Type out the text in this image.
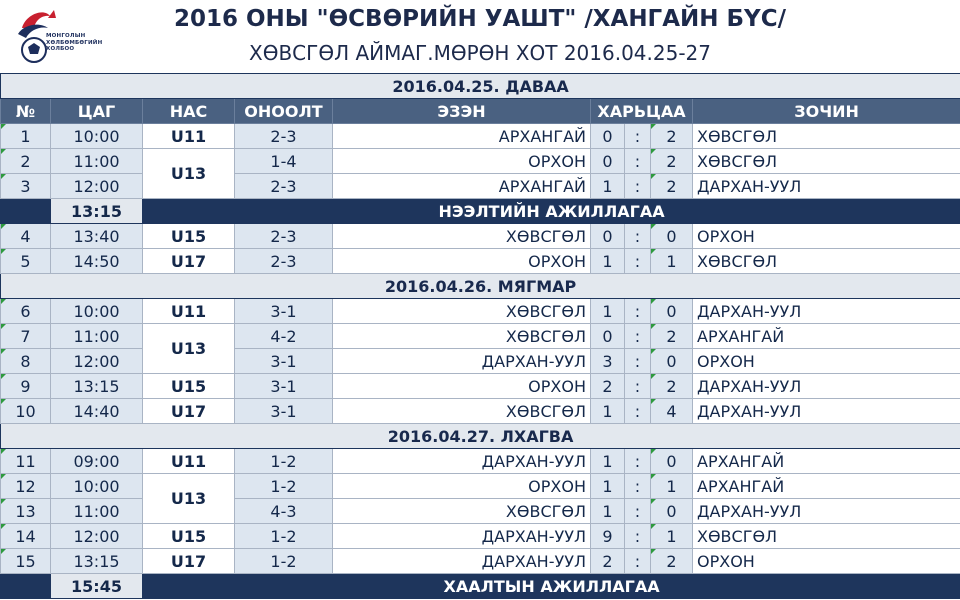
МОНГОЛЫН ХӨЛБӨМБӨГИЙН ХОЛБОО
2016 ОНЫ "ӨСВӨРИЙН УАШТ" /ХАНГАЙН БҮС/
ХӨВСГӨЛ АЙМАГ.МӨРӨН ХОТ 2016.04.25-27
2016.04.25. ДАВАА								
№	ЦАГ	НАС	ОНООЛТ	ЭЗЭН	ХАРЬЦАА			ЗОЧИН
1	10:00	U11	2-3	АРХАНГАЙ	0	:	2	ХӨВСГӨЛ
2	11:00	U13	1-4	ОРХОН	0	:	2	ХӨВСГӨЛ
3	12:00		2-3	АРХАНГАЙ	1	:	2	ДАРХАН-УУЛ
	13:15	НЭЭЛТИЙН АЖИЛЛАГАА						
4	13:40	U15	2-3	ХӨВСГӨЛ	0	:	0	ОРХОН
5	14:50	U17	2-3	ОРХОН	1	:	1	ХӨВСГӨЛ
2016.04.26. МЯГМАР								
6	10:00	U11	3-1	ХӨВСГӨЛ	1	:	0	ДАРХАН-УУЛ
7	11:00	U13	4-2	ХӨВСГӨЛ	0	:	2	АРХАНГАЙ
8	12:00		3-1	ДАРХАН-УУЛ	3	:	0	ОРХОН
9	13:15	U15	3-1	ОРХОН	2	:	2	ДАРХАН-УУЛ
10	14:40	U17	3-1	ХӨВСГӨЛ	1	:	4	ДАРХАН-УУЛ
2016.04.27. ЛХАГВА								
11	09:00	U11	1-2	ДАРХАН-УУЛ	1	:	0	АРХАНГАЙ
12	10:00	U13	1-2	ОРХОН	1	:	1	АРХАНГАЙ
13	11:00		4-3	ХӨВСГӨЛ	1	:	0	ДАРХАН-УУЛ
14	12:00	U15	1-2	ДАРХАН-УУЛ	9	:	1	ХӨВСГӨЛ
15	13:15	U17	1-2	ДАРХАН-УУЛ	2	:	2	ОРХОН
	15:45	ХААЛТЫН АЖИЛЛАГАА						
